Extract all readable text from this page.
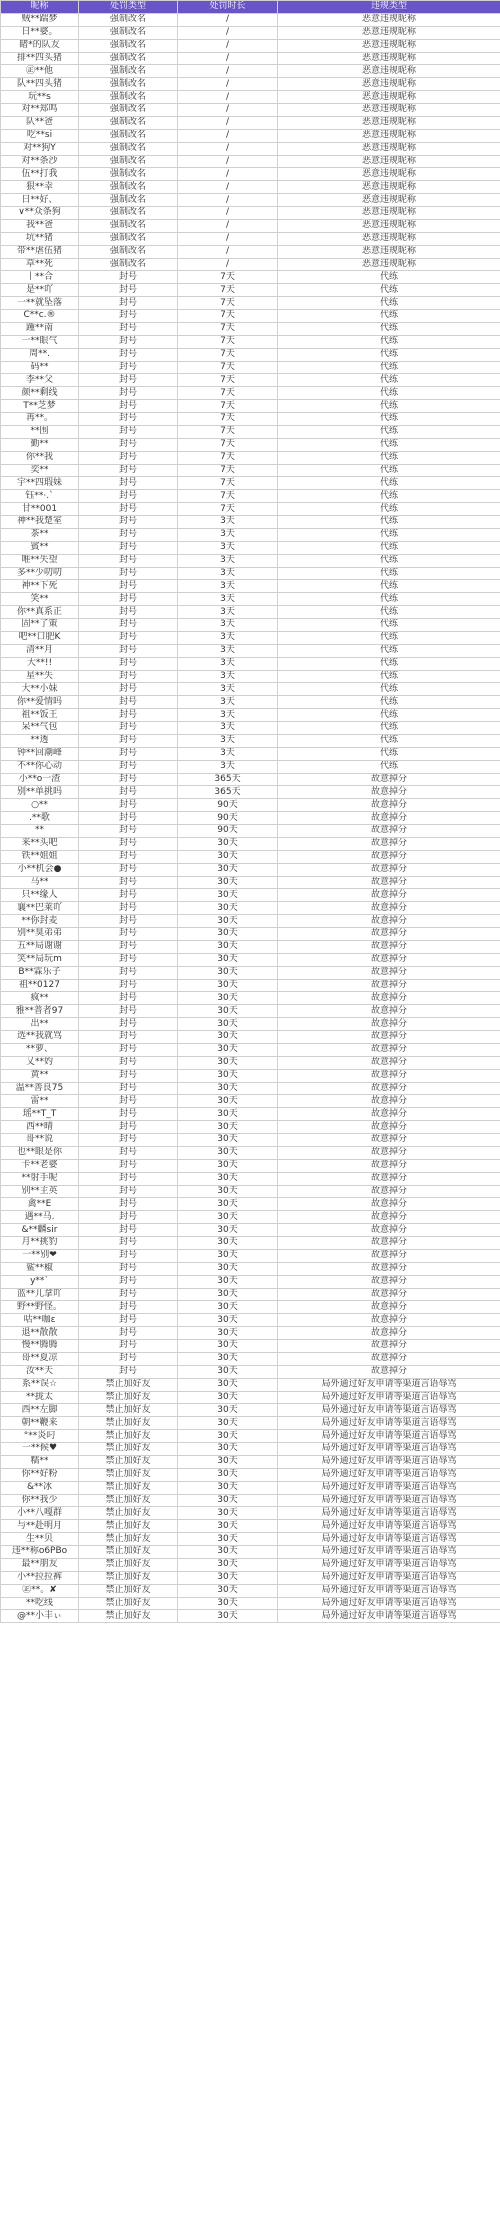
昵称	处罚类型	处罚时长	违规类型
贼**踹梦	强制改名	/	恶意违规昵称
日**婆。	强制改名	/	恶意违规昵称
睹*的队友	强制改名	/	恶意违规昵称
排**四头猪	强制改名	/	恶意违规昵称
㊣**他	强制改名	/	恶意违规昵称
队**四头猪	强制改名	/	恶意违规昵称
玩**s	强制改名	/	恶意违规昵称
对**郑鸣	强制改名	/	恶意违规昵称
队**爸	强制改名	/	恶意违规昵称
吃**si	强制改名	/	恶意违规昵称
对**狗Y	强制改名	/	恶意违规昵称
对**条沙	强制改名	/	恶意违规昵称
伍**打我	强制改名	/	恶意违规昵称
狠**幸	强制改名	/	恶意违规昵称
日**好、	强制改名	/	恶意违规昵称
∨**众条狗	强制改名	/	恶意违规昵称
我**爸	强制改名	/	恶意违规昵称
坑**猪	强制改名	/	恶意违规昵称
带**虐伍猪	强制改名	/	恶意违规昵称
草**死	强制改名	/	恶意违规昵称
丨**合	封号	7天	代练
是**吖	封号	7天	代练
一**就坠落	封号	7天	代练
C**c.®	封号	7天	代练
踵**南	封号	7天	代练
一**眼气	封号	7天	代练
周**.	封号	7天	代练
码**	封号	7天	代练
李**父	封号	7天	代练
颜**剩线	封号	7天	代练
T**芝梦	封号	7天	代练
苒**。	封号	7天	代练
**围	封号	7天	代练
勤**	封号	7天	代练
你**我	封号	7天	代练
奕**	封号	7天	代练
宇**四瑕妹	封号	7天	代练
钰**·.`	封号	7天	代练
甘**001	封号	7天	代练
神**我楚室	封号	3天	代练
茶**	封号	3天	代练
賓**	封号	3天	代练
唯**失望	封号	3天	代练
多**少叨叨	封号	3天	代练
神**下死	封号	3天	代练
笑**	封号	3天	代练
你**真系正	封号	3天	代练
固**了策	封号	3天	代练
吧**口肥K	封号	3天	代练
清**月	封号	3天	代练
大**!!	封号	3天	代练
星**失	封号	3天	代练
大**小妹	封号	3天	代练
你**爱情吗	封号	3天	代练
祖**饭王	封号	3天	代练
呆**气包	封号	3天	代练
**透	封号	3天	代练
钟**回潮峰	封号	3天	代练
不**你心动	封号	3天	代练
小**o一渣	封号	365天	故意掉分
别**单挑吗	封号	365天	故意掉分
○**	封号	90天	故意掉分
.**歌	封号	90天	故意掉分
**	封号	90天	故意掉分
来**头吧	封号	30天	故意掉分
铁**姐姐	封号	30天	故意掉分
小**机会●	封号	30天	故意掉分
马**	封号	30天	故意掉分
只**缘人	封号	30天	故意掉分
襄**巴莱吖	封号	30天	故意掉分
**你封麦	封号	30天	故意掉分
别**臭弟弟	封号	30天	故意掉分
五**局谢谢	封号	30天	故意掉分
笑**局玩m	封号	30天	故意掉分
B**霖乐子	封号	30天	故意掉分
祖**0127	封号	30天	故意掉分
疯**	封号	30天	故意掉分
雅**普者97	封号	30天	故意掉分
出**	封号	30天	故意掉分
选**我就骂	封号	30天	故意掉分
**萝、	封号	30天	故意掉分
乂**妁	封号	30天	故意掉分
黄**	封号	30天	故意掉分
温**善良75	封号	30天	故意掉分
雷**	封号	30天	故意掉分
瑶**T_T	封号	30天	故意掉分
西**晴	封号	30天	故意掉分
哥**说	封号	30天	故意掉分
也**眼是你	封号	30天	故意掉分
卡**老婆	封号	30天	故意掉分
**射手呢	封号	30天	故意掉分
别**主英	封号	30天	故意掉分
禽**E	封号	30天	故意掉分
遇**马.	封号	30天	故意掉分
&**麟sir	封号	30天	故意掉分
月**挑豹	封号	30天	故意掉分
一**别❤	封号	30天	故意掉分
鲨**椒	封号	30天	故意掉分
y**`	封号	30天	故意掉分
蓝**儿拿吖	封号	30天	故意掉分
野**野怪。	封号	30天	故意掉分
咕**咖ε	封号	30天	故意掉分
退**散散	封号	30天	故意掉分
慢**腾腾	封号	30天	故意掉分
哥**夏凉	封号	30天	故意掉分
汝**天	封号	30天	故意掉分
系**误☆	禁止加好友	30天	局外通过好友申请等渠道言语辱骂
**拢太	禁止加好友	30天	局外通过好友申请等渠道言语辱骂
西**左脚	禁止加好友	30天	局外通过好友申请等渠道言语辱骂
朝**鞭来	禁止加好友	30天	局外通过好友申请等渠道言语辱骂
°**炎叼	禁止加好友	30天	局外通过好友申请等渠道言语辱骂
一**候♥	禁止加好友	30天	局外通过好友申请等渠道言语辱骂
糯**	禁止加好友	30天	局外通过好友申请等渠道言语辱骂
你**好粉	禁止加好友	30天	局外通过好友申请等渠道言语辱骂
&**冰	禁止加好友	30天	局外通过好友申请等渠道言语辱骂
你**我少	禁止加好友	30天	局外通过好友申请等渠道言语辱骂
小**八嘎群	禁止加好友	30天	局外通过好友申请等渠道言语辱骂
与**赴明月	禁止加好友	30天	局外通过好友申请等渠道言语辱骂
生**贝	禁止加好友	30天	局外通过好友申请等渠道言语辱骂
违**称o6PBo	禁止加好友	30天	局外通过好友申请等渠道言语辱骂
最**朋友	禁止加好友	30天	局外通过好友申请等渠道言语辱骂
小**拉拉裤	禁止加好友	30天	局外通过好友申请等渠道言语辱骂
㊣**。✘	禁止加好友	30天	局外通过好友申请等渠道言语辱骂
**吃线	禁止加好友	30天	局外通过好友申请等渠道言语辱骂
@**小丰ぃ	禁止加好友	30天	局外通过好友申请等渠道言语辱骂
